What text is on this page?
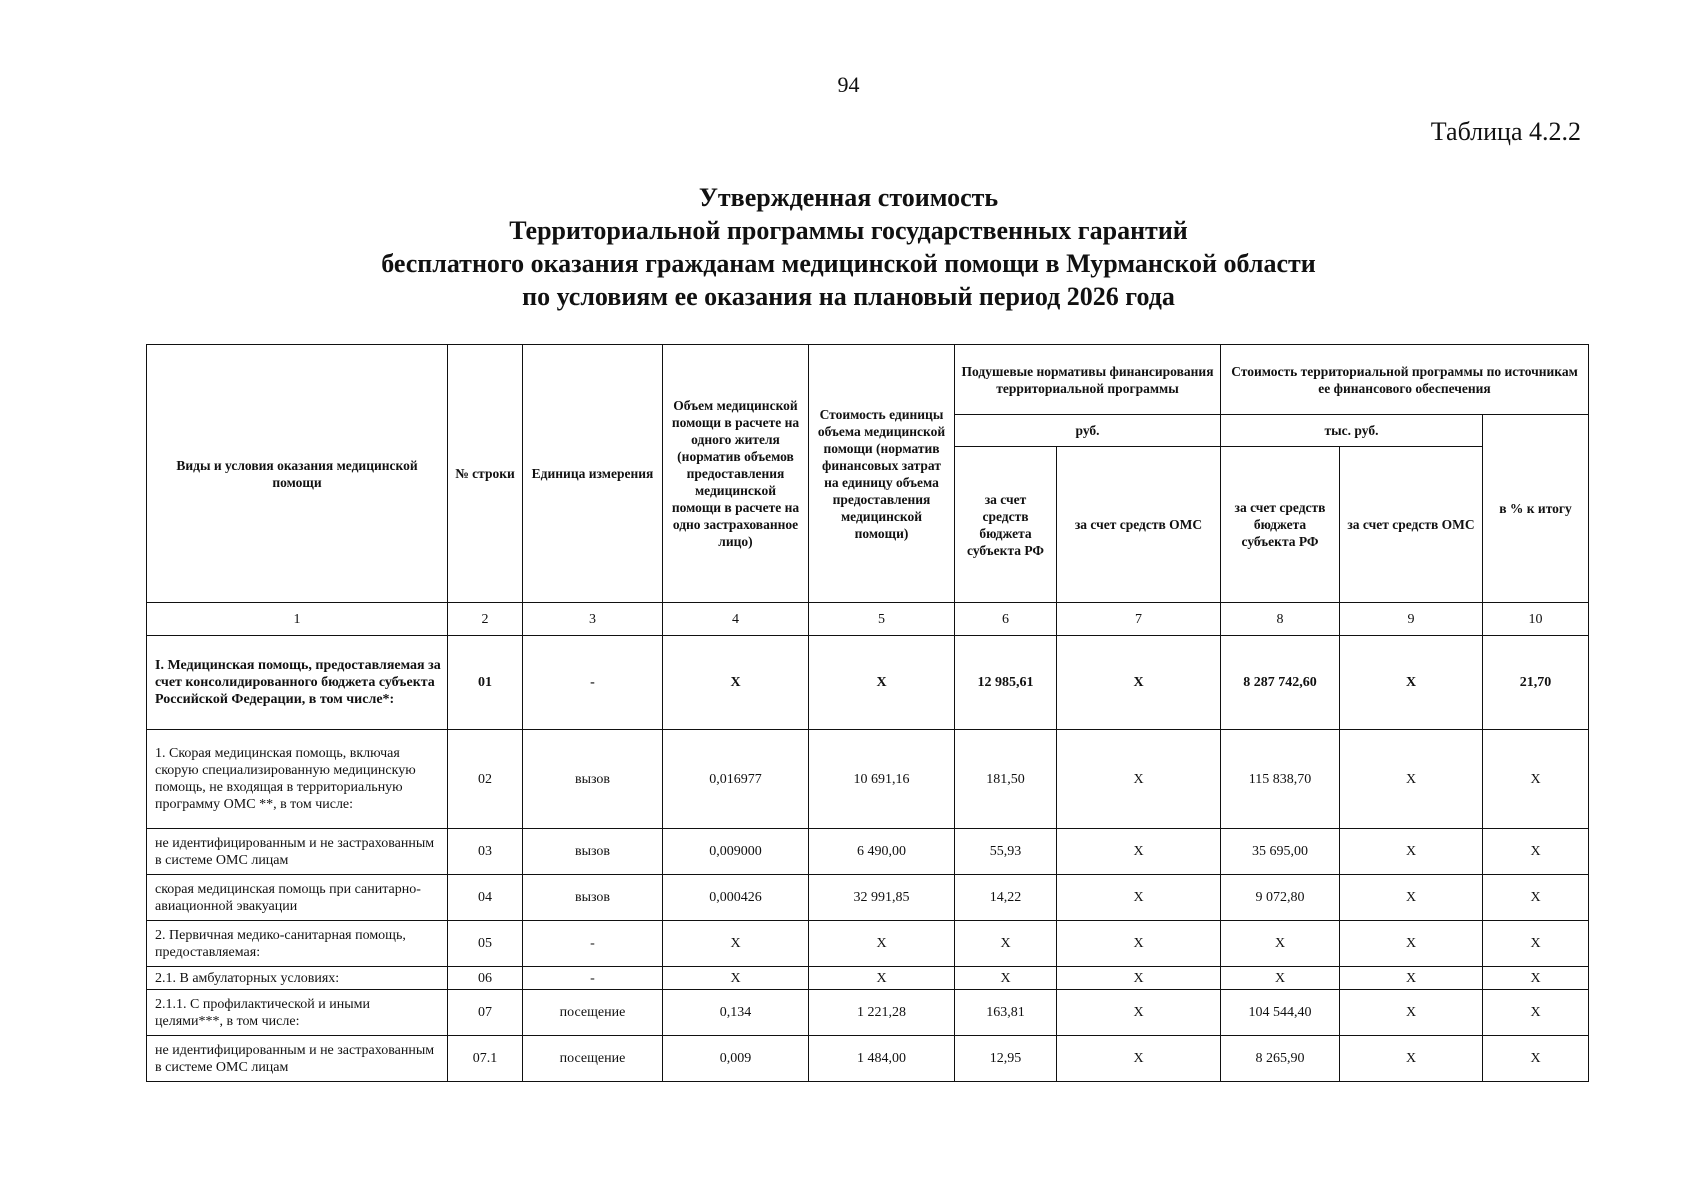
94
Таблица 4.2.2
Утвержденная стоимость
Территориальной программы государственных гарантий
бесплатного оказания гражданам медицинской помощи в Мурманской области
по условиям ее оказания на плановый период 2026 года
Виды и условия оказания медицинской помощи	№ строки	Единица измерения	Объем медицинской помощи в расчете на одного жителя (норматив объемов предоставления медицинской помощи в расчете на одно застрахованное лицо)	Стоимость единицы объема медицинской помощи (норматив финансовых затрат на единицу объема предоставления медицинской помощи)	Подушевые нормативы финансирования территориальной программы		Стоимость территориальной программы по источникам ее финансового обеспечения		
					руб.		тыс. руб.		в % к итогу
					за счет средств бюджета субъекта РФ	за счет средств ОМС	за счет средств бюджета субъекта РФ	за счет средств ОМС	
1	2	3	4	5	6	7	8	9	10
I. Медицинская помощь, предоставляемая за счет консолидированного бюджета субъекта Российской Федерации, в том числе*:	01	-	Х	Х	12 985,61	Х	8 287 742,60	Х	21,70
1. Скорая медицинская помощь, включая скорую специализированную медицинскую помощь, не входящая в территориальную программу ОМС **, в том числе:	02	вызов	0,016977	10 691,16	181,50	Х	115 838,70	Х	Х
не идентифицированным и не застрахованным в системе ОМС лицам	03	вызов	0,009000	6 490,00	55,93	Х	35 695,00	Х	Х
скорая медицинская помощь при санитарно-авиационной эвакуации	04	вызов	0,000426	32 991,85	14,22	Х	9 072,80	Х	Х
2. Первичная медико-санитарная помощь, предоставляемая:	05	-	Х	Х	Х	Х	Х	Х	Х
2.1. В амбулаторных условиях:	06	-	Х	Х	Х	Х	Х	Х	Х
2.1.1. С профилактической и иными целями***, в том числе:	07	посещение	0,134	1 221,28	163,81	Х	104 544,40	Х	Х
не идентифицированным и не застрахованным в системе ОМС лицам	07.1	посещение	0,009	1 484,00	12,95	Х	8 265,90	Х	Х
